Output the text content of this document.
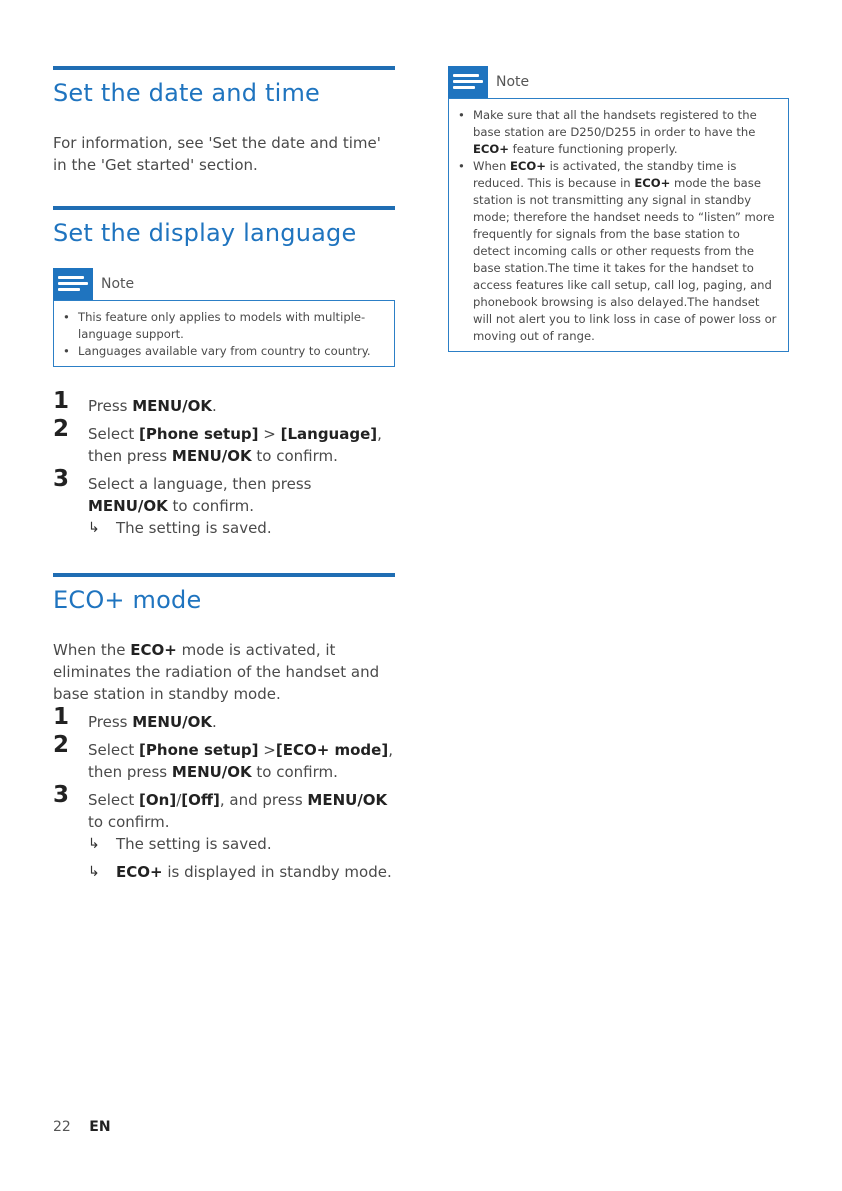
Set the date and time

For information, see 'Set the date and time' in the 'Get started' section.

Set the display language
Note
• This feature only applies to models with multiple-language support.
• Languages available vary from country to country.
1 Press MENU/OK.
2 Select [Phone setup] > [Language], then press MENU/OK to confirm.
3 Select a language, then press MENU/OK to confirm.
↳ The setting is saved.
ECO+ mode

When the ECO+ mode is activated, it eliminates the radiation of the handset and base station in standby mode.

1 Press MENU/OK.
2 Select [Phone setup] >[ECO+ mode], then press MENU/OK to confirm.
3 Select [On]/[Off], and press MENU/OK to confirm.
↳ The setting is saved.
↳ ECO+ is displayed in standby mode.
Note
• Make sure that all the handsets registered to the base station are D250/D255 in order to have the ECO+ feature functioning properly.
• When ECO+ is activated, the standby time is reduced. This is because in ECO+ mode the base station is not transmitting any signal in standby mode; therefore the handset needs to “listen” more frequently for signals from the base station to detect incoming calls or other requests from the base station.The time it takes for the handset to access features like call setup, call log, paging, and phonebook browsing is also delayed.The handset will not alert you to link loss in case of power loss or moving out of range.
22 EN
